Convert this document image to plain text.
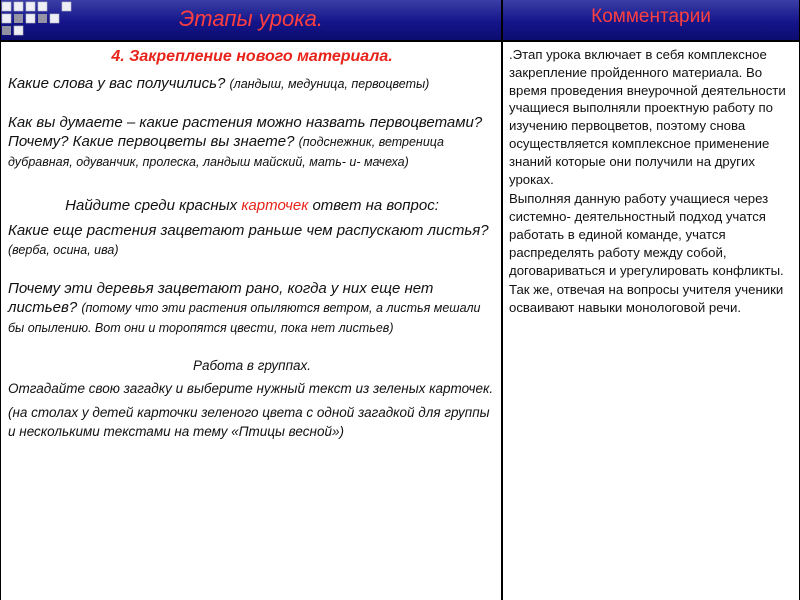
Этапы урока.	Комментарии

4. Закрепление нового материала.

Какие слова у вас получились? (ландыш, медуница, первоцветы)

Как вы думаете – какие растения можно назвать первоцветами? Почему? Какие первоцветы вы знаете? (подснежник, ветреница дубравная, одуванчик, пролеска, ландыш майский, мать- и- мачеха)

Найдите среди красных карточек ответ на вопрос:

Какие еще растения зацветают раньше чем распускают листья? (верба, осина, ива)

Почему эти деревья зацветают рано, когда у них еще нет листьев? (потому что эти растения опыляются ветром, а листья мешали бы опылению. Вот они и торопятся цвести, пока нет листьев)

Работа в группах.

Отгадайте свою загадку и выберите нужный текст из зеленых карточек.

(на столах у детей карточки зеленого цвета с одной загадкой для группы и несколькими текстами на тему «Птицы весной»)

.Этап урока включает в себя комплексное закрепление пройденного материала. Во время проведения внеурочной деятельности учащиеся выполняли проектную работу по изучению первоцветов, поэтому снова осуществляется комплексное применение знаний которые они получили на других уроках.

Выполняя данную работу учащиеся через системно- деятельностный подход учатся работать в единой команде, учатся распределять работу между собой, договариваться и урегулировать конфликты.

Так же, отвечая на вопросы учителя ученики осваивают навыки монологовой речи.
